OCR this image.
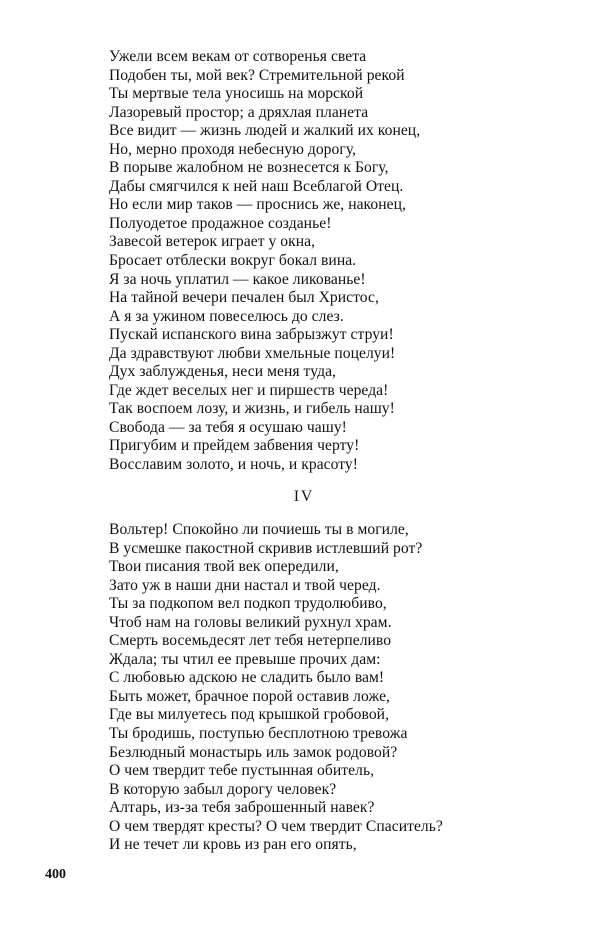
Ужели всем векам от сотворенья света
Подобен ты, мой век? Стремительной рекой
Ты мертвые тела уносишь на морской
Лазоревый простор; а дряхлая планета
Все видит — жизнь людей и жалкий их конец,
Но, мерно проходя небесную дорогу,
В порыве жалобном не вознесется к Богу,
Дабы смягчился к ней наш Всеблагой Отец.
Но если мир таков — проснись же, наконец,
Полуодетое продажное созданье!
Завесой ветерок играет у окна,
Бросает отблески вокруг бокал вина.
Я за ночь уплатил — какое ликованье!
На тайной вечери печален был Христос,
А я за ужином повеселюсь до слез.
Пускай испанского вина забрызжут струи!
Да здравствуют любви хмельные поцелуи!
Дух заблужденья, неси меня туда,
Где ждет веселых нег и пиршеств череда!
Так воспоем лозу, и жизнь, и гибель нашу!
Свобода — за тебя я осушаю чашу!
Пригубим и прейдем забвения черту!
Восславим золото, и ночь, и красоту!
IV
Вольтер! Спокойно ли почиешь ты в могиле,
В усмешке пакостной скривив истлевший рот?
Твои писания твой век опередили,
Зато уж в наши дни настал и твой черед.
Ты за подкопом вел подкоп трудолюбиво,
Чтоб нам на головы великий рухнул храм.
Смерть восемьдесят лет тебя нетерпеливо
Ждала; ты чтил ее превыше прочих дам:
С любовью адскою не сладить было вам!
Быть может, брачное порой оставив ложе,
Где вы милуетесь под крышкой гробовой,
Ты бродишь, поступью бесплотною тревожа
Безлюдный монастырь иль замок родовой?
О чем твердит тебе пустынная обитель,
В которую забыл дорогу человек?
Алтарь, из-за тебя заброшенный навек?
О чем твердят кресты? О чем твердит Спаситель?
И не течет ли кровь из ран его опять,
400
